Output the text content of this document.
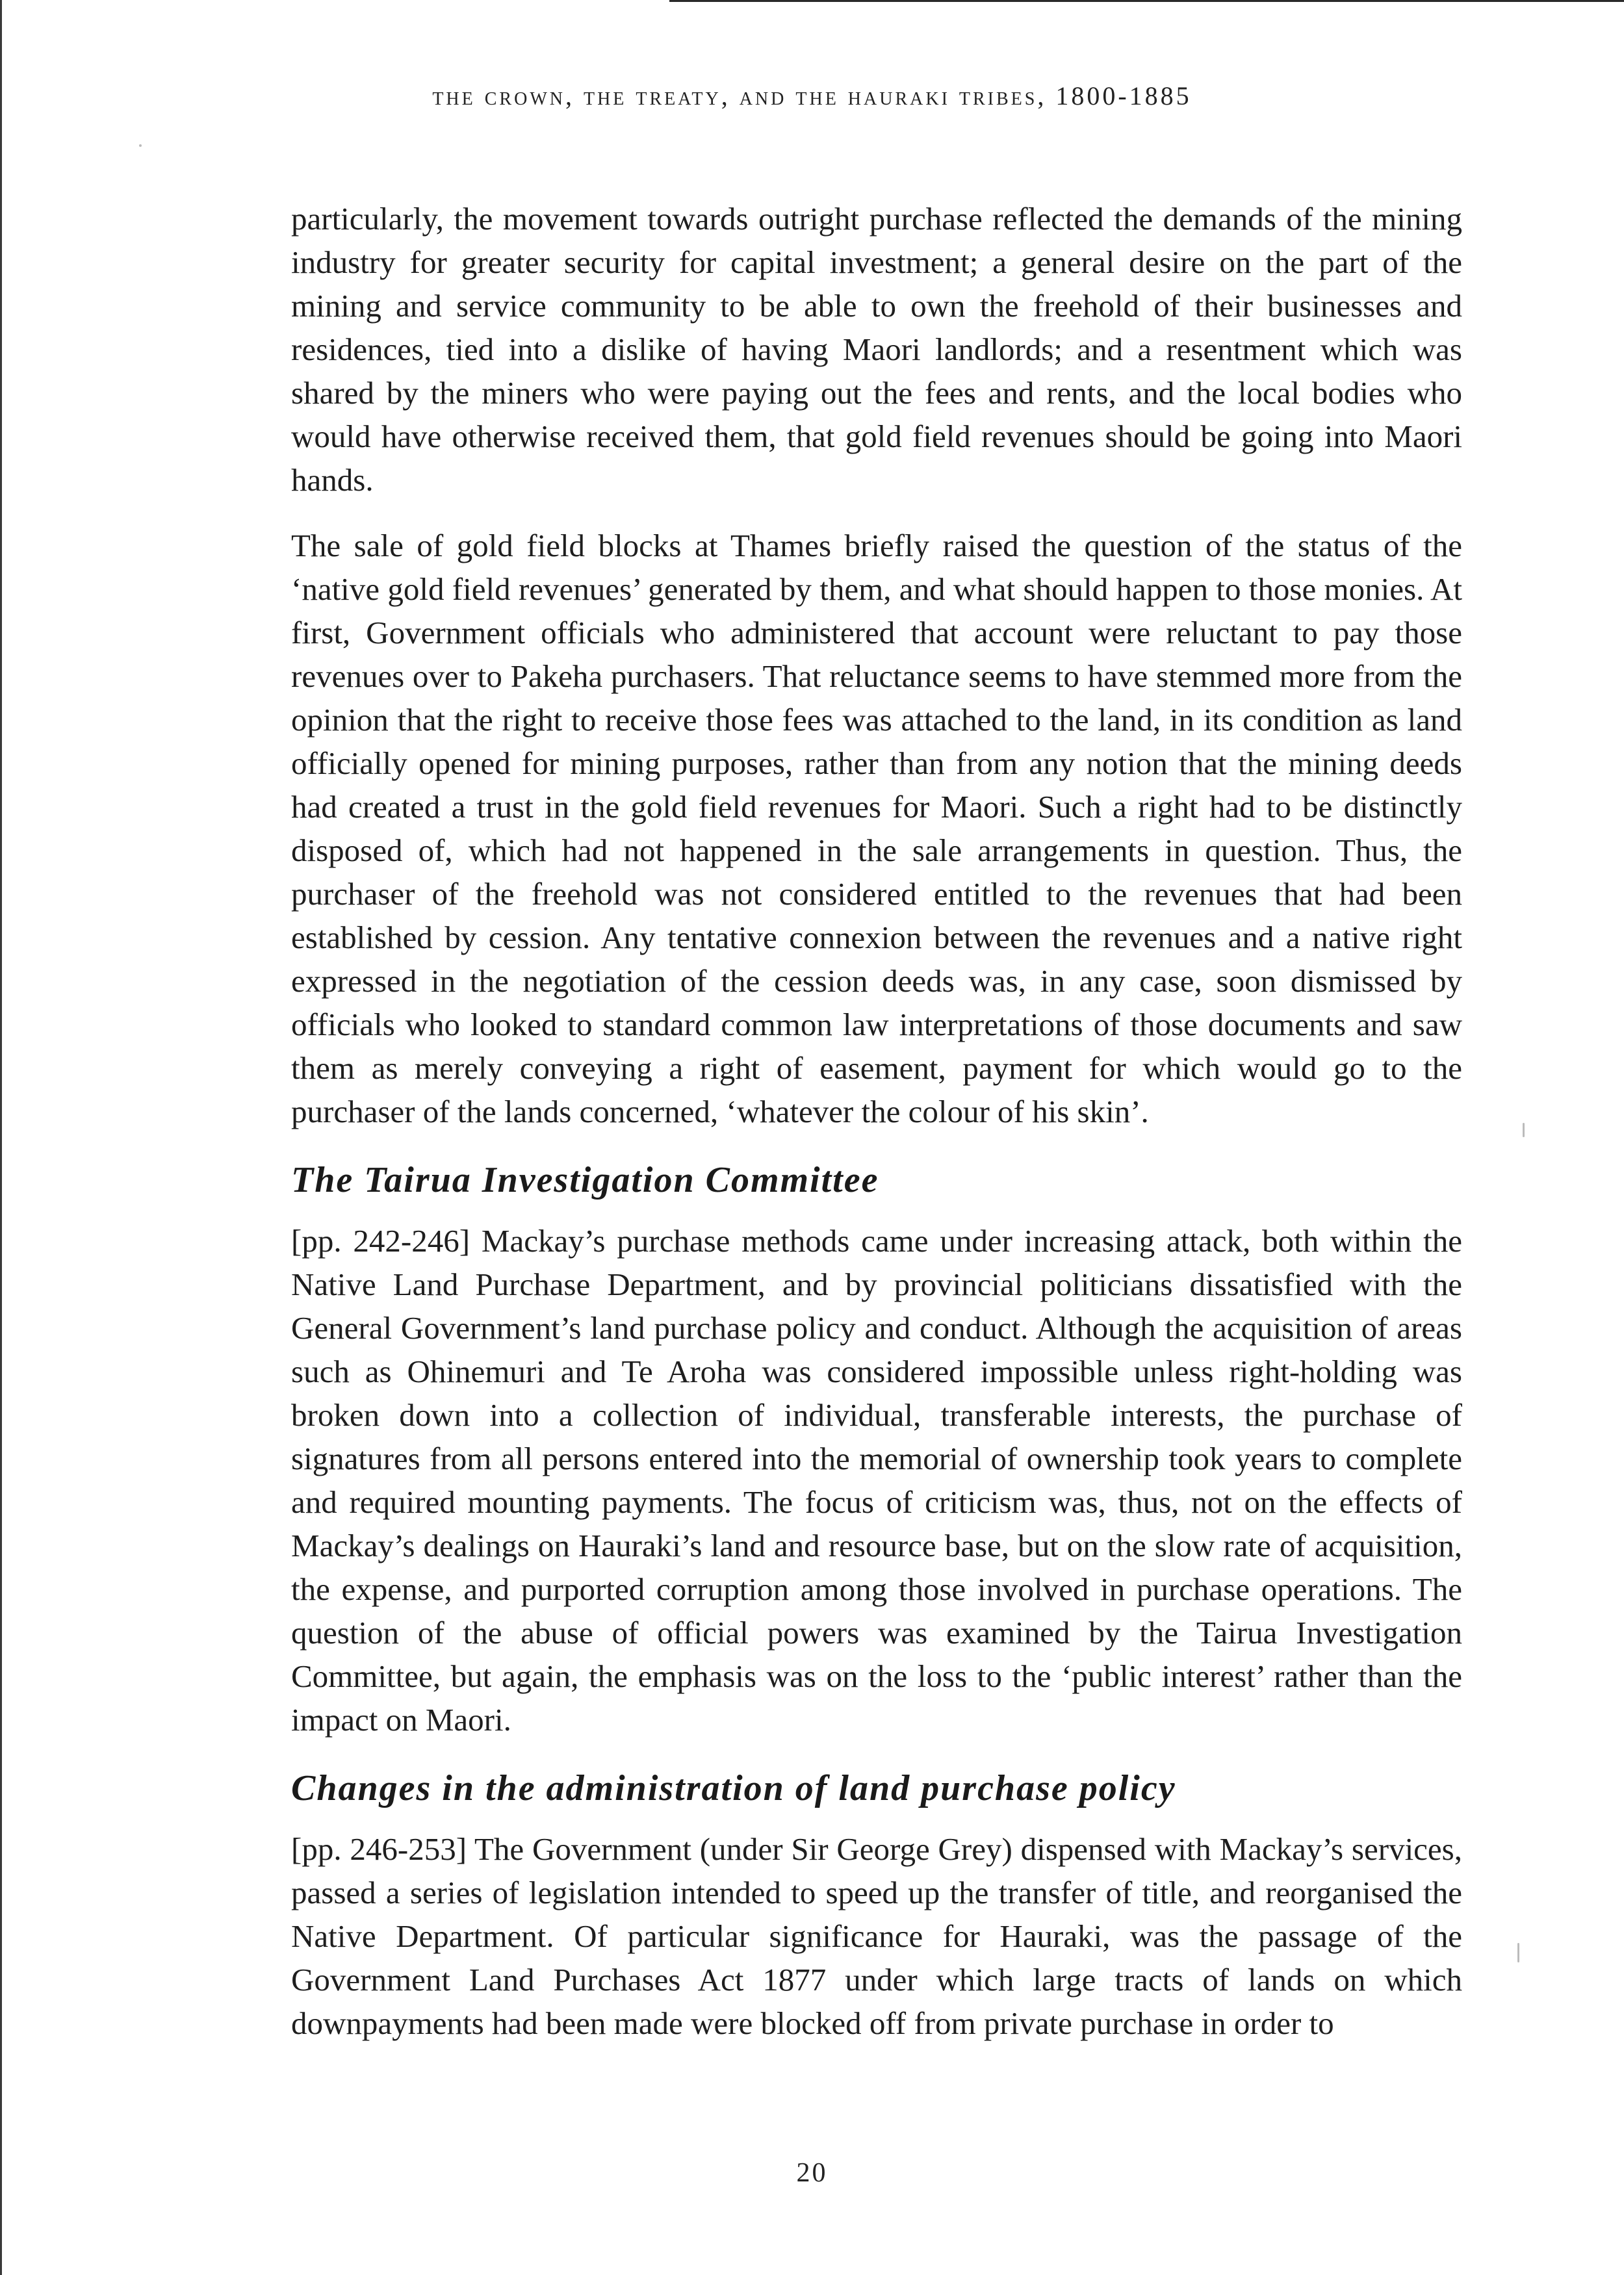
the crown, the treaty, and the hauraki tribes, 1800-1885

particularly, the movement towards outright purchase reflected the demands of the mining industry for greater security for capital investment; a general desire on the part of the mining and service community to be able to own the freehold of their businesses and residences, tied into a dislike of having Maori landlords; and a resentment which was shared by the miners who were paying out the fees and rents, and the local bodies who would have otherwise received them, that gold field revenues should be going into Maori hands.

The sale of gold field blocks at Thames briefly raised the question of the status of the ‘native gold field revenues’ generated by them, and what should happen to those monies. At first, Government officials who administered that account were reluctant to pay those revenues over to Pakeha purchasers. That reluctance seems to have stemmed more from the opinion that the right to receive those fees was attached to the land, in its condition as land officially opened for mining purposes, rather than from any notion that the mining deeds had created a trust in the gold field revenues for Maori. Such a right had to be distinctly disposed of, which had not happened in the sale arrangements in question. Thus, the purchaser of the freehold was not considered entitled to the revenues that had been established by cession. Any tentative connexion between the revenues and a native right expressed in the negotiation of the cession deeds was, in any case, soon dismissed by officials who looked to standard common law interpretations of those documents and saw them as merely conveying a right of easement, payment for which would go to the purchaser of the lands concerned, ‘whatever the colour of his skin’.

The Tairua Investigation Committee

[pp. 242-246] Mackay’s purchase methods came under increasing attack, both within the Native Land Purchase Department, and by provincial politicians dissatisfied with the General Government’s land purchase policy and conduct. Although the acquisition of areas such as Ohinemuri and Te Aroha was considered impossible unless right-holding was broken down into a collection of individual, transferable interests, the purchase of signatures from all persons entered into the memorial of ownership took years to complete and required mounting payments. The focus of criticism was, thus, not on the effects of Mackay’s dealings on Hauraki’s land and resource base, but on the slow rate of acquisition, the expense, and purported corruption among those involved in purchase operations. The question of the abuse of official powers was examined by the Tairua Investigation Committee, but again, the emphasis was on the loss to the ‘public interest’ rather than the impact on Maori.

Changes in the administration of land purchase policy

[pp. 246-253] The Government (under Sir George Grey) dispensed with Mackay’s services, passed a series of legislation intended to speed up the transfer of title, and reorganised the Native Department. Of particular significance for Hauraki, was the passage of the Government Land Purchases Act 1877 under which large tracts of lands on which downpayments had been made were blocked off from private purchase in order to

20
